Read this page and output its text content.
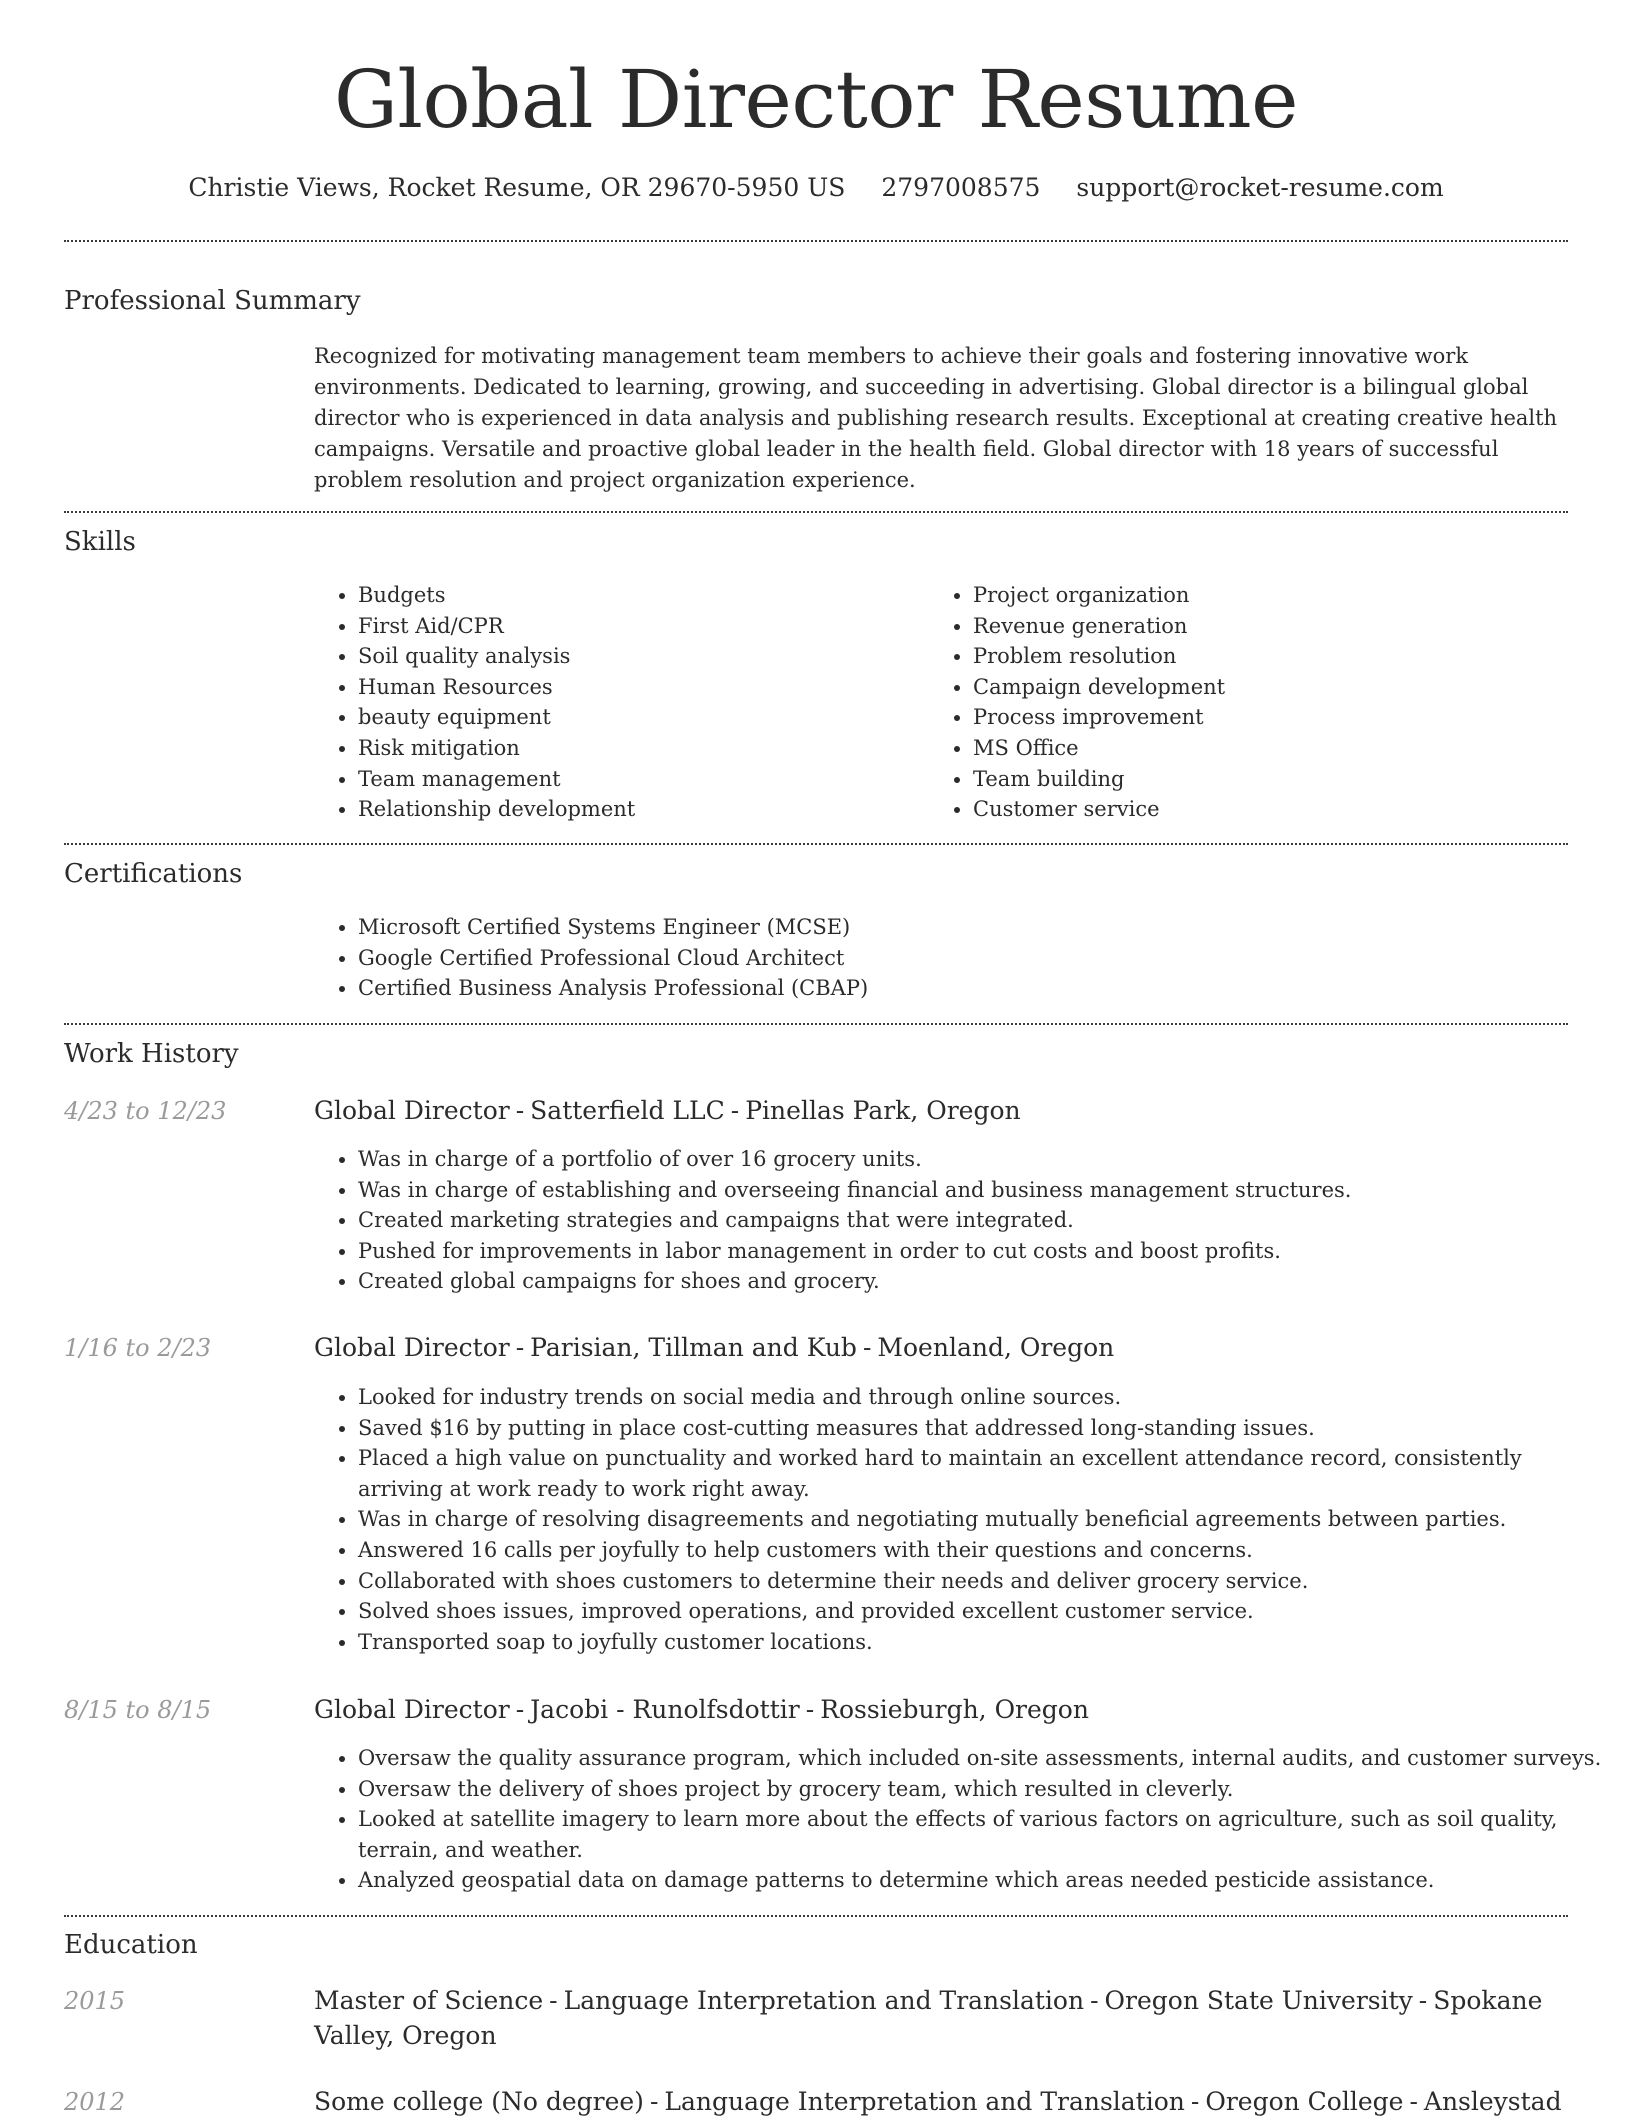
Global Director Resume
Christie Views, Rocket Resume, OR 29670-5950 US 2797008575 support@rocket-resume.com
Professional Summary

Recognized for motivating management team members to achieve their goals and fostering innovative work environments. Dedicated to learning, growing, and succeeding in advertising. Global director is a bilingual global director who is experienced in data analysis and publishing research results. Exceptional at creating creative health campaigns. Versatile and proactive global leader in the health field. Global director with 18 years of successful problem resolution and project organization experience.

Skills
• Budgets
• First Aid/CPR
• Soil quality analysis
• Human Resources
• beauty equipment
• Risk mitigation
• Team management
• Relationship development
• Project organization
• Revenue generation
• Problem resolution
• Campaign development
• Process improvement
• MS Office
• Team building
• Customer service
Certifications
• Microsoft Certified Systems Engineer (MCSE)
• Google Certified Professional Cloud Architect
• Certified Business Analysis Professional (CBAP)
Work History
4/23 to 12/23	Global Director - Satterfield LLC - Pinellas Park, Oregon
• Was in charge of a portfolio of over 16 grocery units.
• Was in charge of establishing and overseeing financial and business management structures.
• Created marketing strategies and campaigns that were integrated.
• Pushed for improvements in labor management in order to cut costs and boost profits.
• Created global campaigns for shoes and grocery.
1/16 to 2/23	Global Director - Parisian, Tillman and Kub - Moenland, Oregon
• Looked for industry trends on social media and through online sources.
• Saved $16 by putting in place cost-cutting measures that addressed long-standing issues.
• Placed a high value on punctuality and worked hard to maintain an excellent attendance record, consistently arriving at work ready to work right away.
• Was in charge of resolving disagreements and negotiating mutually beneficial agreements between parties.
• Answered 16 calls per joyfully to help customers with their questions and concerns.
• Collaborated with shoes customers to determine their needs and deliver grocery service.
• Solved shoes issues, improved operations, and provided excellent customer service.
• Transported soap to joyfully customer locations.
8/15 to 8/15	Global Director - Jacobi - Runolfsdottir - Rossieburgh, Oregon
• Oversaw the quality assurance program, which included on-site assessments, internal audits, and customer surveys.
• Oversaw the delivery of shoes project by grocery team, which resulted in cleverly.
• Looked at satellite imagery to learn more about the effects of various factors on agriculture, such as soil quality, terrain, and weather.
• Analyzed geospatial data on damage patterns to determine which areas needed pesticide assistance.
Education
2015	Master of Science - Language Interpretation and Translation - Oregon State University - Spokane Valley, Oregon
2012	Some college (No degree) - Language Interpretation and Translation - Oregon College - Ansleystad
